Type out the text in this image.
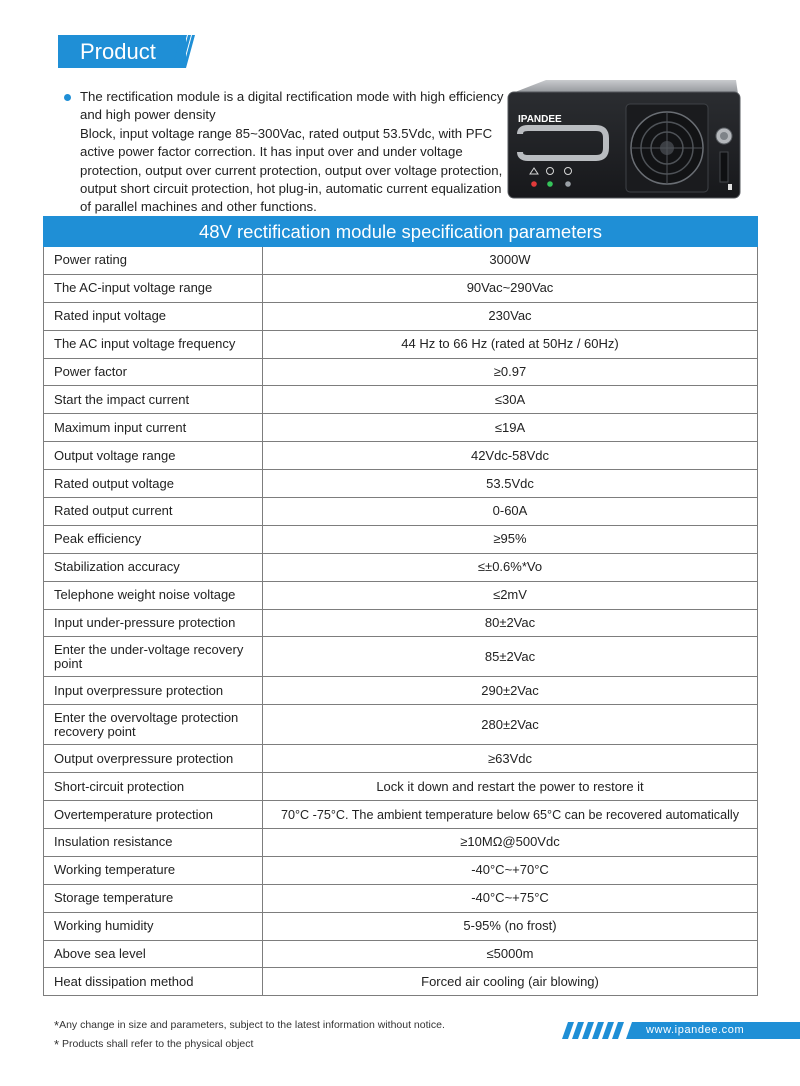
Product

The rectification module is a digital rectification mode with high efficiency and high power density

Block, input voltage range 85~300Vac, rated output 53.5Vdc, with PFC active power factor correction. It has input over and under voltage protection, output over current protection, output over voltage protection, output short circuit protection, hot plug-in, automatic current equalization of parallel machines and other functions.

IPANDEE
48V rectification module specification parameters	
Power rating	3000W
The AC-input voltage range	90Vac~290Vac
Rated input voltage	230Vac
The AC input voltage frequency	44 Hz to 66 Hz (rated at 50Hz / 60Hz)
Power factor	≥0.97
Start the impact current	≤30A
Maximum input current	≤19A
Output voltage range	42Vdc-58Vdc
Rated output voltage	53.5Vdc
Rated output current	0-60A
Peak efficiency	≥95%
Stabilization accuracy	≤±0.6%*Vo
Telephone weight noise voltage	≤2mV
Input under-pressure protection	80±2Vac
Enter the under-voltage recovery point	85±2Vac
Input overpressure protection	290±2Vac
Enter the overvoltage protection recovery point	280±2Vac
Output overpressure protection	≥63Vdc
Short-circuit protection	Lock it down and restart the power to restore it
Overtemperature protection	70°C -75°C. The ambient temperature below 65°C can be recovered automatically
Insulation resistance	≥10MΩ@500Vdc
Working temperature	-40°C~+70°C
Storage temperature	-40°C~+75°C
Working humidity	5-95% (no frost)
Above sea level	≤5000m
Heat dissipation method	Forced air cooling (air blowing)
*Any change in size and parameters, subject to the latest information without notice.
* Products shall refer to the physical object
www.ipandee.com
